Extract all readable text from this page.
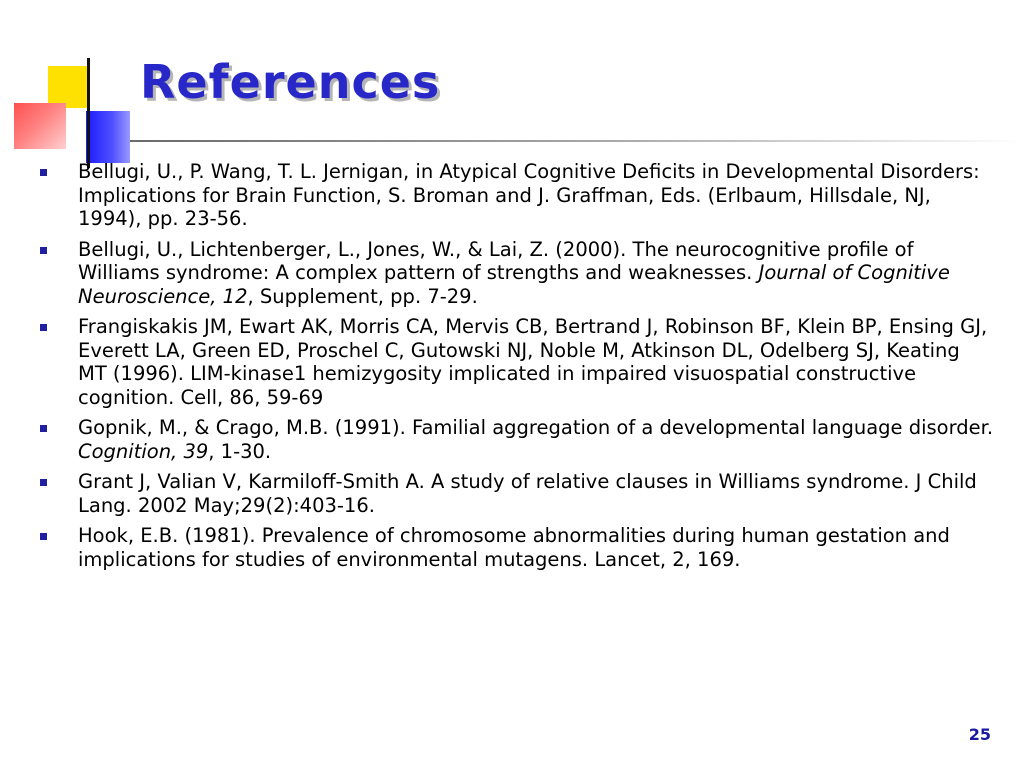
References
Bellugi, U., P. Wang, T. L. Jernigan, in Atypical Cognitive Deficits in Developmental Disorders: Implications for Brain Function, S. Broman and J. Graffman, Eds. (Erlbaum, Hillsdale, NJ, 1994), pp. 23-56.
Bellugi, U., Lichtenberger, L., Jones, W., & Lai, Z. (2000). The neurocognitive profile of Williams syndrome: A complex pattern of strengths and weaknesses. Journal of Cognitive Neuroscience, 12, Supplement, pp. 7-29.
Frangiskakis JM, Ewart AK, Morris CA, Mervis CB, Bertrand J, Robinson BF, Klein BP, Ensing GJ, Everett LA, Green ED, Proschel C, Gutowski NJ, Noble M, Atkinson DL, Odelberg SJ, Keating MT (1996). LIM-kinase1 hemizygosity implicated in impaired visuospatial constructive cognition. Cell, 86, 59-69
Gopnik, M., & Crago, M.B. (1991). Familial aggregation of a developmental language disorder. Cognition, 39, 1-30.
Grant J, Valian V, Karmiloff-Smith A. A study of relative clauses in Williams syndrome. J Child Lang. 2002 May;29(2):403-16.
Hook, E.B. (1981). Prevalence of chromosome abnormalities during human gestation and implications for studies of environmental mutagens. Lancet, 2, 169.
25
